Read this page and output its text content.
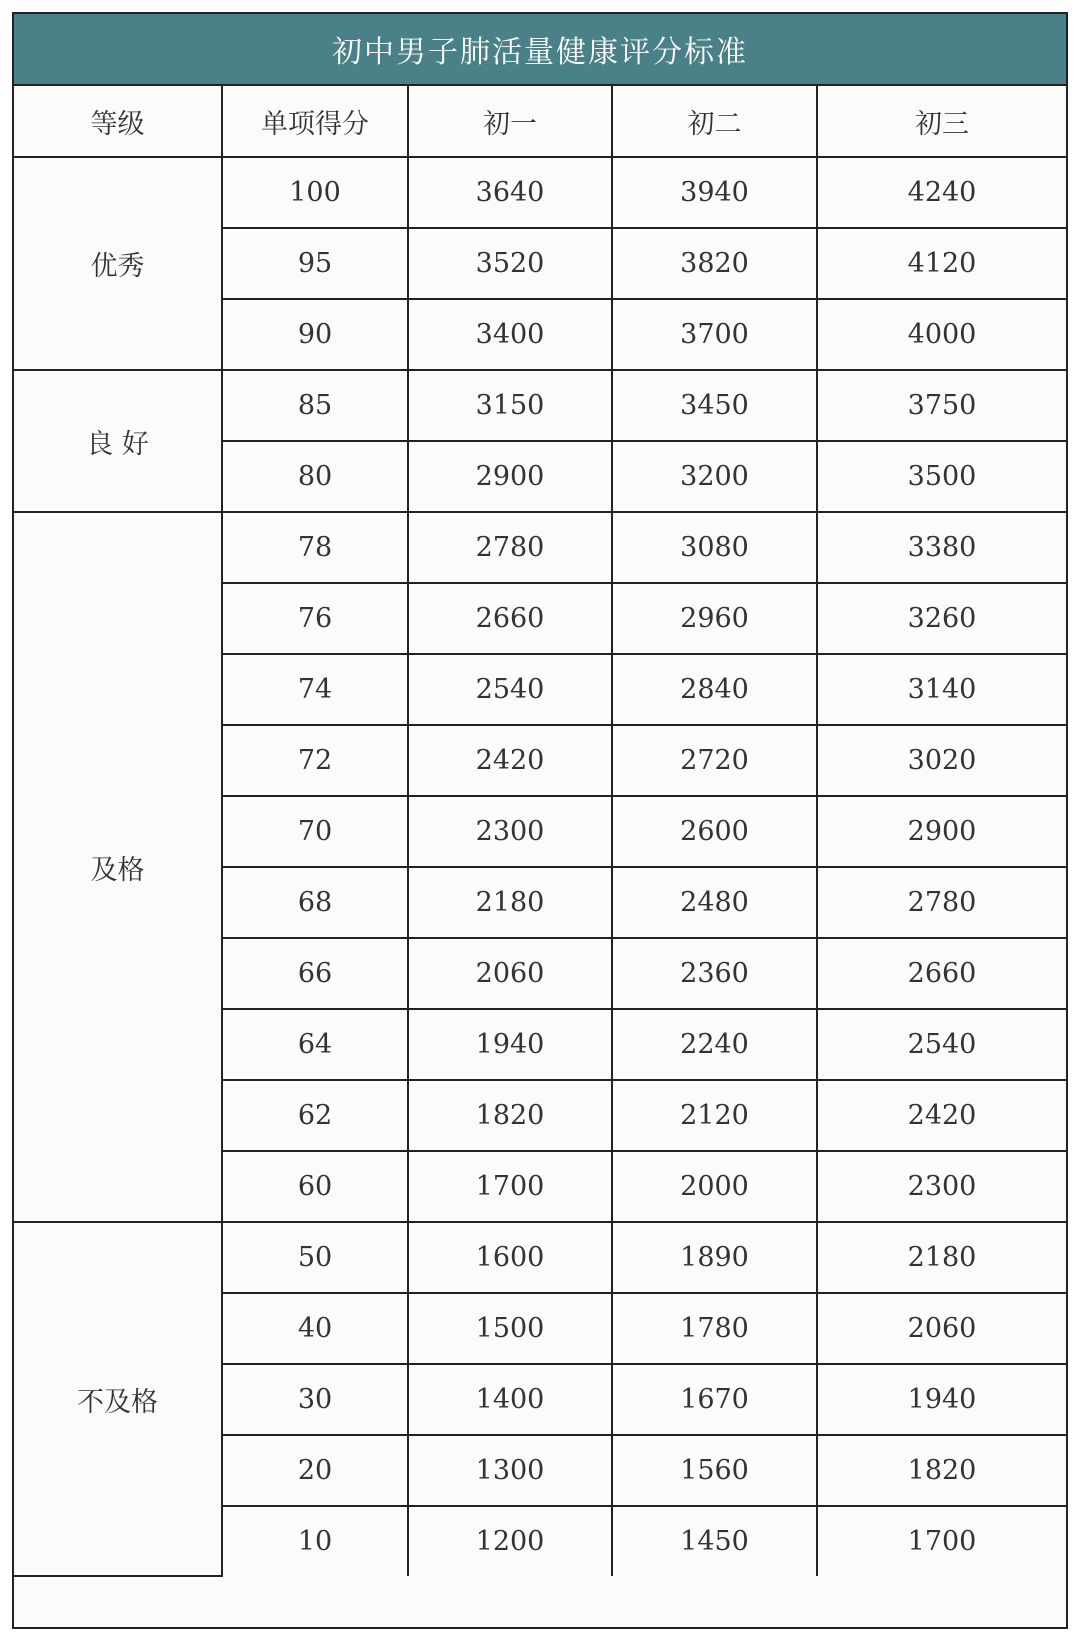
初中男子肺活量健康评分标准
等级	单项得分	初一	初二	初三
优秀	100	3640	3940	4240
	95	3520	3820	4120
	90	3400	3700	4000
良 好	85	3150	3450	3750
	80	2900	3200	3500
及格	78	2780	3080	3380
	76	2660	2960	3260
	74	2540	2840	3140
	72	2420	2720	3020
	70	2300	2600	2900
	68	2180	2480	2780
	66	2060	2360	2660
	64	1940	2240	2540
	62	1820	2120	2420
	60	1700	2000	2300
不及格	50	1600	1890	2180
	40	1500	1780	2060
	30	1400	1670	1940
	20	1300	1560	1820
	10	1200	1450	1700
